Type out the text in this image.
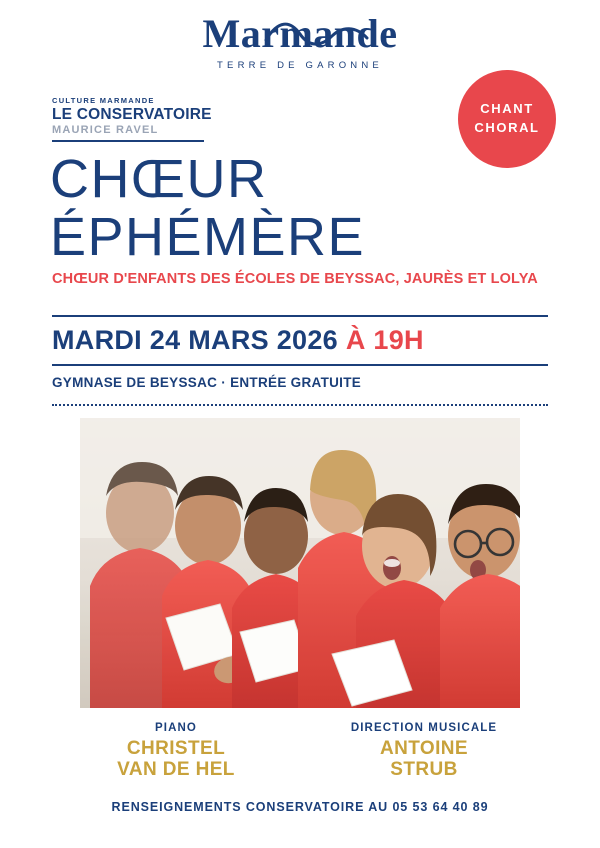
Marmande
TERRE DE GARONNE
CULTURE MARMANDE
LE CONSERVATOIRE
MAURICE RAVEL
CHANT
CHORAL
CHŒUR
ÉPHÉMÈRE
CHŒUR D'ENFANTS DES ÉCOLES DE BEYSSAC, JAURÈS ET LOLYA
MARDI 24 MARS 2026 À 19H
GYMNASE DE BEYSSAC · ENTRÉE GRATUITE
PIANO
CHRISTEL
VAN DE HEL
DIRECTION MUSICALE
ANTOINE
STRUB
RENSEIGNEMENTS CONSERVATOIRE AU 05 53 64 40 89
